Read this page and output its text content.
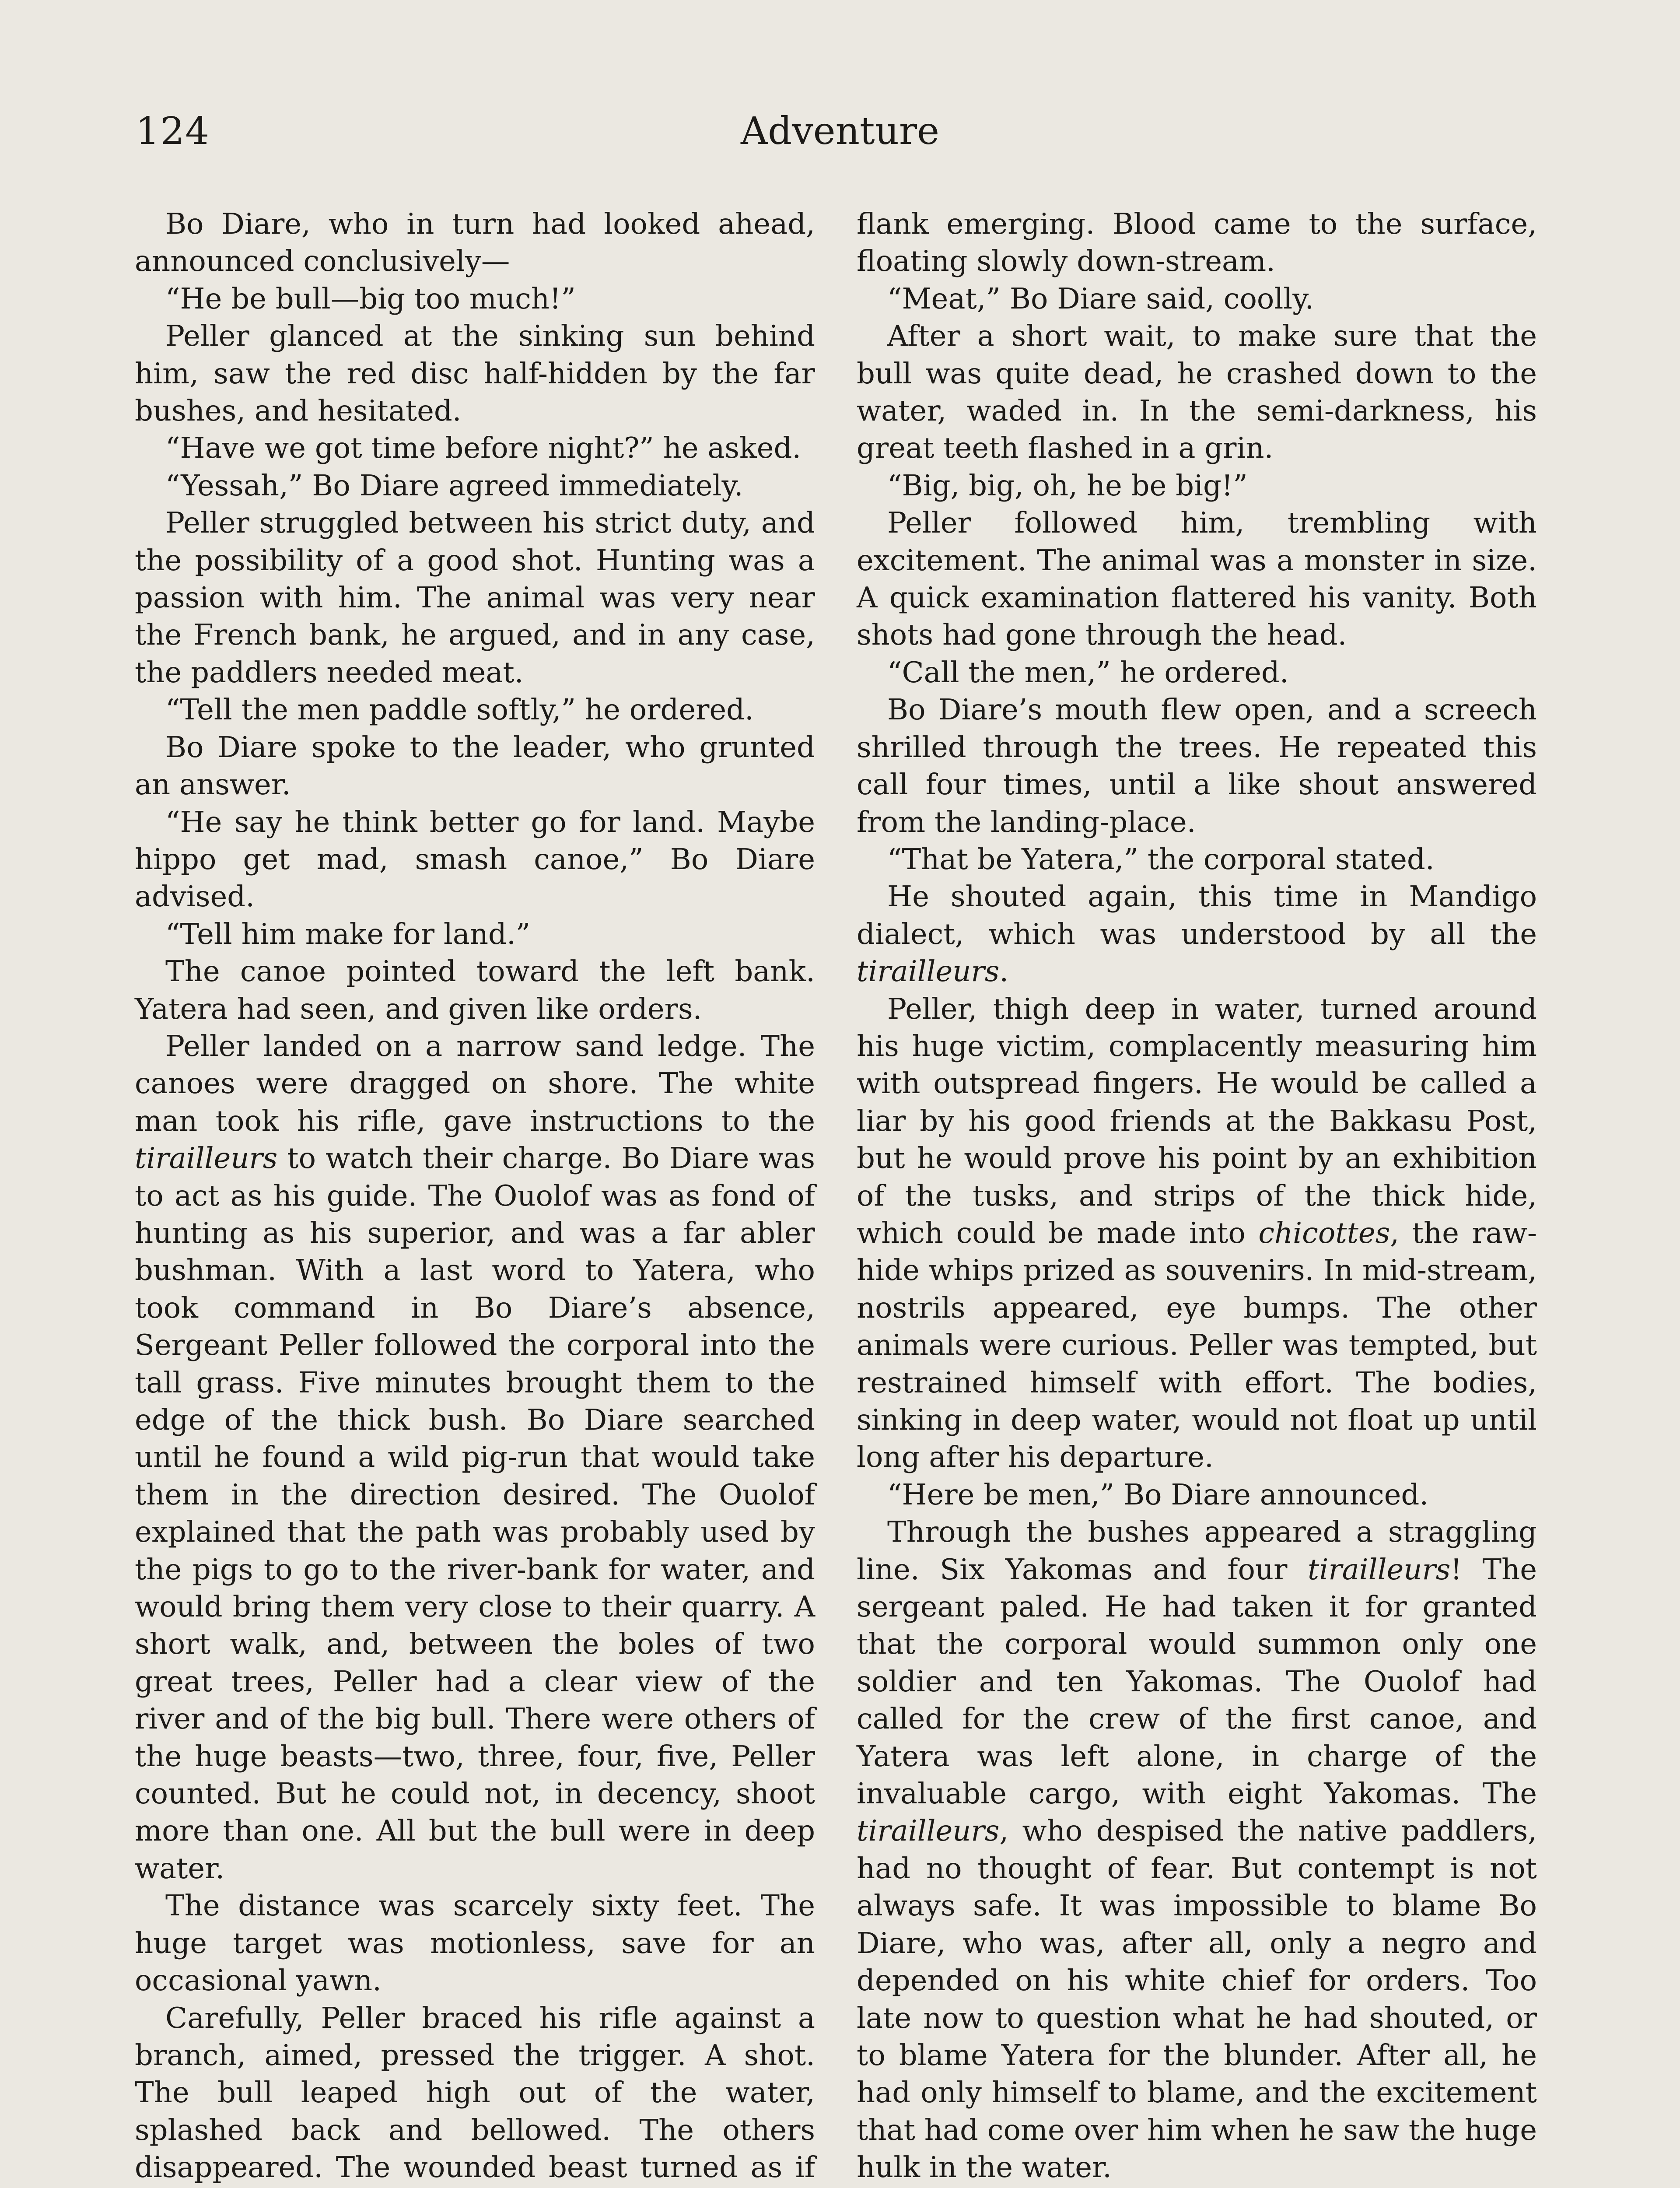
124	Adventure

Bo Diare, who in turn had looked ahead, announced conclusively—

“He be bull—big too much!”

Peller glanced at the sinking sun behind him, saw the red disc half-hidden by the far bushes, and hesitated.

“Have we got time before night?” he asked.

“Yessah,” Bo Diare agreed immediately.

Peller struggled between his strict duty, and the possibility of a good shot. Hunting was a passion with him. The animal was very near the French bank, he argued, and in any case, the paddlers needed meat.

“Tell the men paddle softly,” he ordered.

Bo Diare spoke to the leader, who grunted an answer.

“He say he think better go for land. Maybe hippo get mad, smash canoe,” Bo Diare advised.

“Tell him make for land.”

The canoe pointed toward the left bank. Yatera had seen, and given like orders.

Peller landed on a narrow sand ledge. The canoes were dragged on shore. The white man took his rifle, gave instructions to the tirailleurs to watch their charge. Bo Diare was to act as his guide. The Ouolof was as fond of hunting as his superior, and was a far abler bushman. With a last word to Yatera, who took command in Bo Diare’s absence, Sergeant Peller followed the corporal into the tall grass. Five minutes brought them to the edge of the thick bush. Bo Diare searched until he found a wild pig-run that would take them in the direction desired. The Ouolof explained that the path was probably used by the pigs to go to the river-bank for water, and would bring them very close to their quarry. A short walk, and, between the boles of two great trees, Peller had a clear view of the river and of the big bull. There were others of the huge beasts—two, three, four, five, Peller counted. But he could not, in decency, shoot more than one. All but the bull were in deep water.

The distance was scarcely sixty feet. The huge target was motionless, save for an occasional yawn.

Carefully, Peller braced his rifle against a branch, aimed, pressed the trigger. A shot. The bull leaped high out of the water, splashed back and bellowed. The others disappeared. The wounded beast turned as if

flank emerging. Blood came to the surface, floating slowly down-stream.

“Meat,” Bo Diare said, coolly.

After a short wait, to make sure that the bull was quite dead, he crashed down to the water, waded in. In the semi-darkness, his great teeth flashed in a grin.

“Big, big, oh, he be big!”

Peller followed him, trembling with excitement. The animal was a monster in size. A quick examination flattered his vanity. Both shots had gone through the head.

“Call the men,” he ordered.

Bo Diare’s mouth flew open, and a screech shrilled through the trees. He repeated this call four times, until a like shout answered from the landing-place.

“That be Yatera,” the corporal stated.

He shouted again, this time in Mandigo dialect, which was understood by all the tirailleurs.

Peller, thigh deep in water, turned around his huge victim, complacently measuring him with outspread fingers. He would be called a liar by his good friends at the Bakkasu Post, but he would prove his point by an exhibition of the tusks, and strips of the thick hide, which could be made into chicottes, the raw-hide whips prized as souvenirs. In mid-stream, nostrils appeared, eye bumps. The other animals were curious. Peller was tempted, but restrained himself with effort. The bodies, sinking in deep water, would not float up until long after his departure.

“Here be men,” Bo Diare announced.

Through the bushes appeared a straggling line. Six Yakomas and four tirailleurs! The sergeant paled. He had taken it for granted that the corporal would summon only one soldier and ten Yakomas. The Ouolof had called for the crew of the first canoe, and Yatera was left alone, in charge of the invaluable cargo, with eight Yakomas. The tirailleurs, who despised the native paddlers, had no thought of fear. But contempt is not always safe. It was impossible to blame Bo Diare, who was, after all, only a negro and depended on his white chief for orders. Too late now to question what he had shouted, or to blame Yatera for the blunder. After all, he had only himself to blame, and the excitement that had come over him when he saw the huge hulk in the water.
